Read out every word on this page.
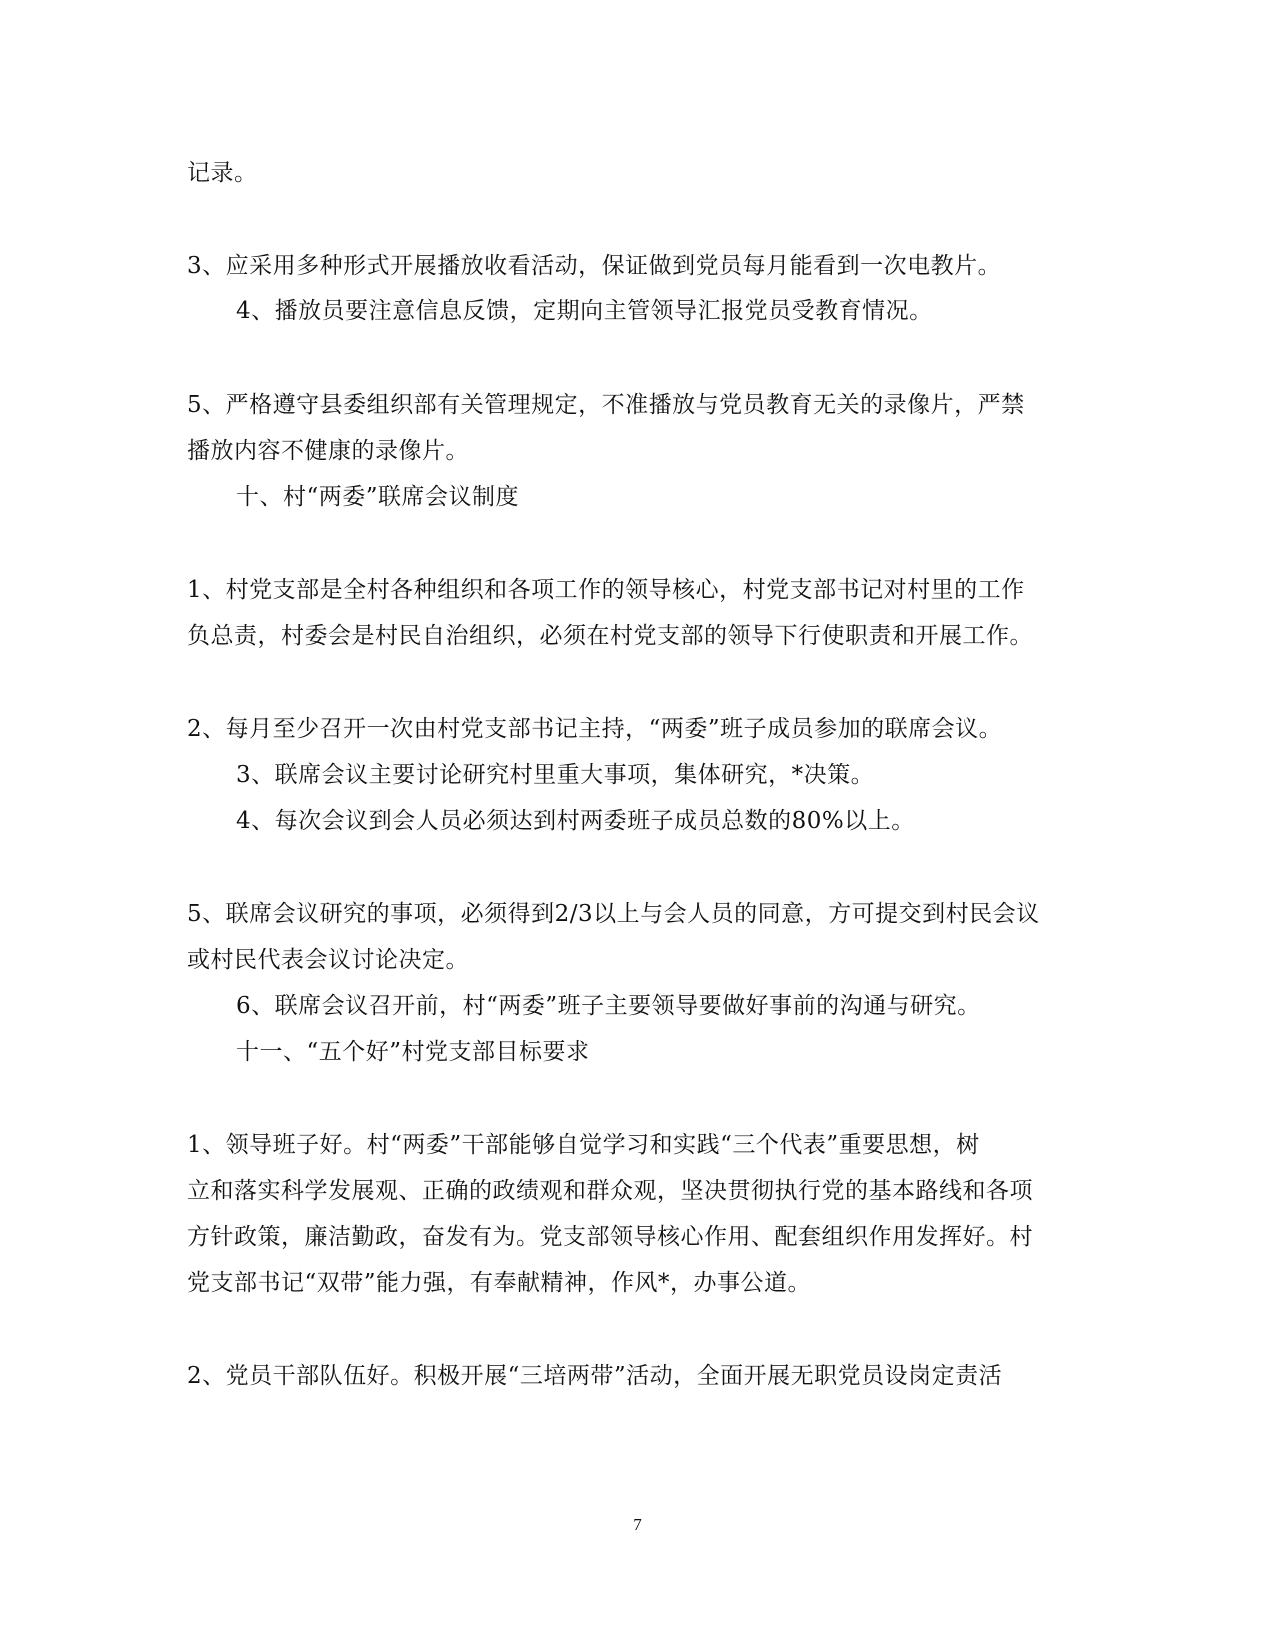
记录。
3、应采用多种形式开展播放收看活动，保证做到党员每月能看到一次电教片。
4、播放员要注意信息反馈，定期向主管领导汇报党员受教育情况。
5、严格遵守县委组织部有关管理规定，不准播放与党员教育无关的录像片，严禁
播放内容不健康的录像片。
十、村“两委”联席会议制度
1、村党支部是全村各种组织和各项工作的领导核心，村党支部书记对村里的工作
负总责，村委会是村民自治组织，必须在村党支部的领导下行使职责和开展工作。
2、每月至少召开一次由村党支部书记主持，“两委”班子成员参加的联席会议。
3、联席会议主要讨论研究村里重大事项，集体研究，*决策。
4、每次会议到会人员必须达到村两委班子成员总数的80%以上。
5、联席会议研究的事项，必须得到2/3以上与会人员的同意，方可提交到村民会议
或村民代表会议讨论决定。
6、联席会议召开前，村“两委”班子主要领导要做好事前的沟通与研究。
十一、“五个好”村党支部目标要求
1、领导班子好。村“两委”干部能够自觉学习和实践“三个代表”重要思想，树
立和落实科学发展观、正确的政绩观和群众观，坚决贯彻执行党的基本路线和各项
方针政策，廉洁勤政，奋发有为。党支部领导核心作用、配套组织作用发挥好。村
党支部书记“双带”能力强，有奉献精神，作风*，办事公道。
2、党员干部队伍好。积极开展“三培两带”活动，全面开展无职党员设岗定责活
7
